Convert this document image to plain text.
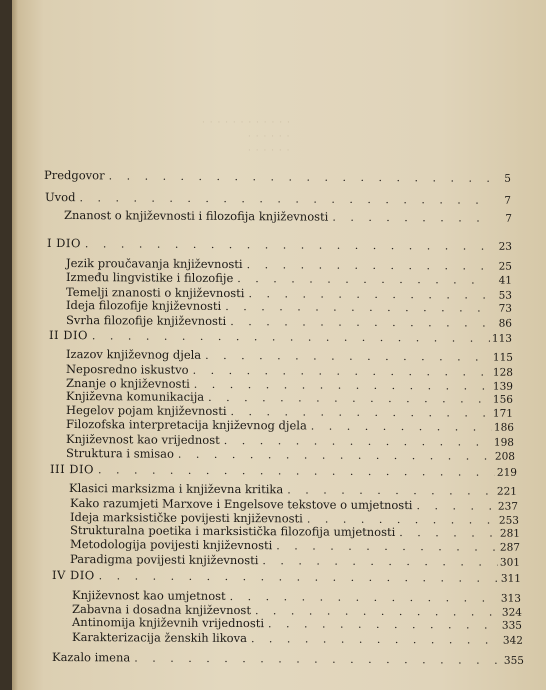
· · · · · · · · · · · ·
· · · · · ·
· · · · · ·
Predgovor . . .	5
Uvod . . .	7
Znanost o književnosti i filozofija književnosti . . .	7
I DIO . . .	23
Jezik proučavanja književnosti . . .	25
Između lingvistike i filozofije . . .	41
Temelji znanosti o književnosti . . .	53
Ideja filozofije književnosti . . .	73
Svrha filozofije književnosti . . .	86
II DIO . . .	113
Izazov književnog djela . . .	115
Neposredno iskustvo . . .	128
Znanje o književnosti . . .	139
Književna komunikacija . . .	156
Hegelov pojam književnosti . . .	171
Filozofska interpretacija književnog djela . . .	186
Književnost kao vrijednost . . .	198
Struktura i smisao . . .	208
III DIO . . .	219
Klasici marksizma i književna kritika . . .	221
Kako razumjeti Marxove i Engelsove tekstove o umjetnosti . . .	237
Ideja marksističke povijesti književnosti . . .	253
Strukturalna poetika i marksistička filozofija umjetnosti . . .	281
Metodologija povijesti književnosti . . .	287
Paradigma povijesti književnosti . . .	301
IV DIO . . .	311
Književnost kao umjetnost . . .	313
Zabavna i dosadna književnost . . .	324
Antinomija književnih vrijednosti . . .	335
Karakterizacija ženskih likova . . .	342
Kazalo imena . . .	355
